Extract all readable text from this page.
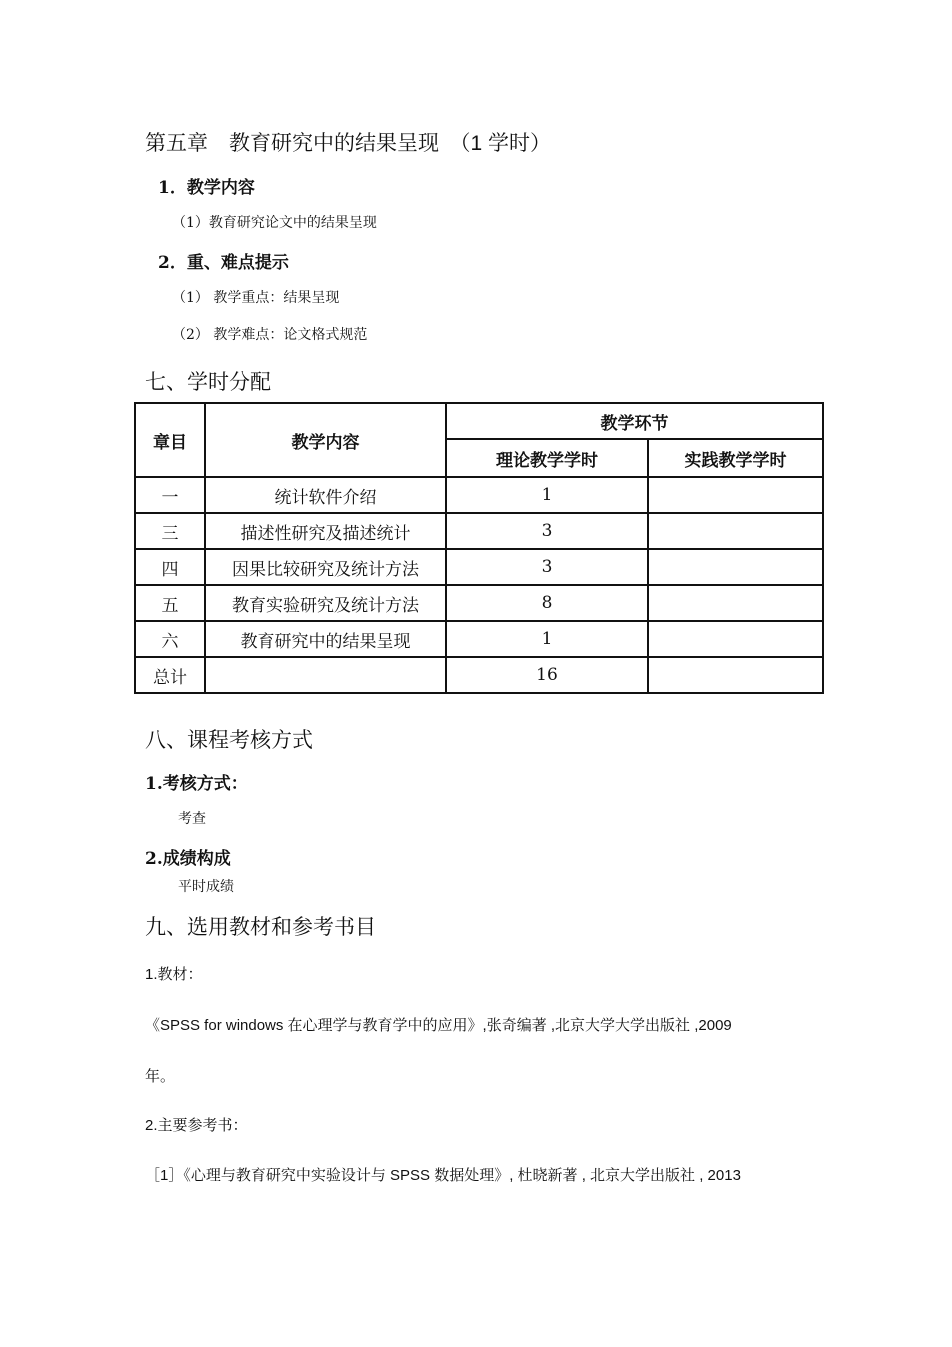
第五章　教育研究中的结果呈现　（1 学时）
1．教学内容
（1）教育研究论文中的结果呈现
2．重、难点提示
（1） 教学重点：结果呈现
（2） 教学难点：论文格式规范
七、学时分配
章目	教学内容	教学环节	
		理论教学学时	实践教学学时
一	统计软件介绍	1	
三	描述性研究及描述统计	3	
四	因果比较研究及统计方法	3	
五	教育实验研究及统计方法	8	
六	教育研究中的结果呈现	1	
总计		16	
八、课程考核方式
1.考核方式：
考查
2.成绩构成
平时成绩
九、选用教材和参考书目
1.教材：
《SPSS for windows 在心理学与教育学中的应用》,张奇编著 ,北京大学大学出版社 ,2009
年。
2.主要参考书：
［1］《心理与教育研究中实验设计与 SPSS 数据处理》, 杜晓新著 , 北京大学出版社 , 2013
